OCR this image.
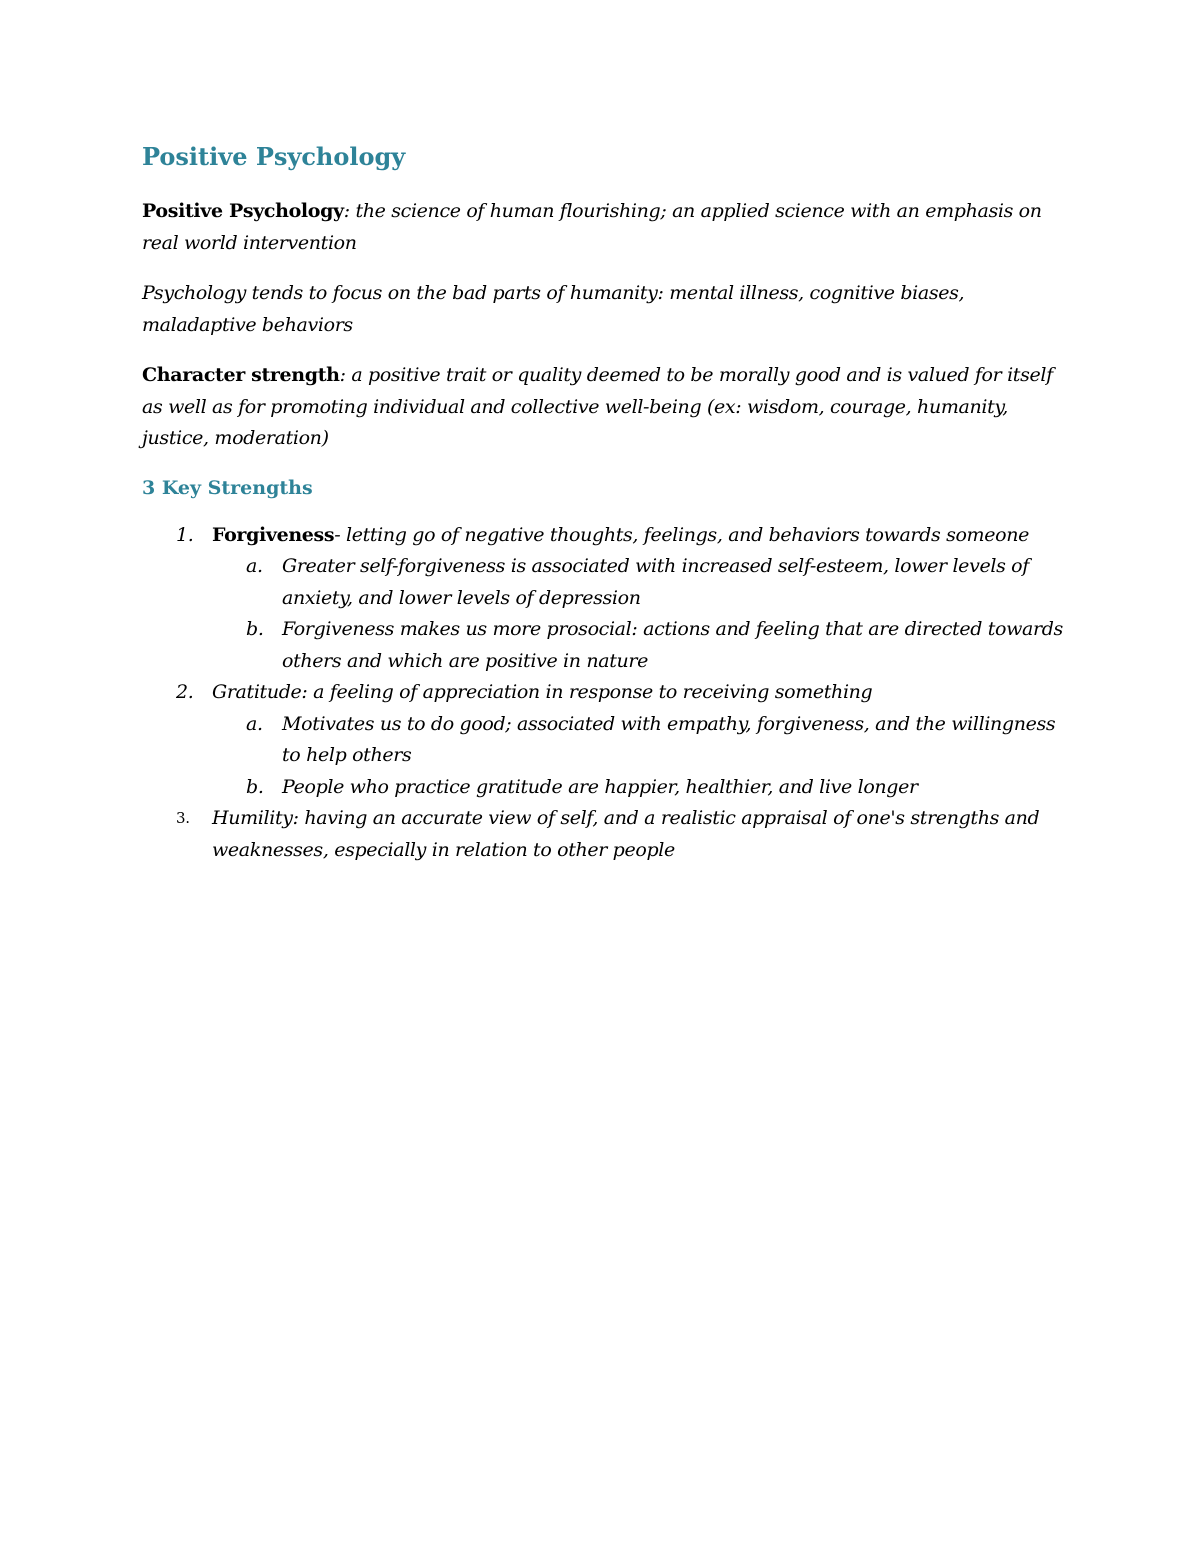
Positive Psychology

Positive Psychology: the science of human flourishing; an applied science with an emphasis on real world intervention

Psychology tends to focus on the bad parts of humanity: mental illness, cognitive biases, maladaptive behaviors

Character strength: a positive trait or quality deemed to be morally good and is valued for itself as well as for promoting individual and collective well-being (ex: wisdom, courage, humanity, justice, moderation)

3 Key Strengths
1. Forgiveness- letting go of negative thoughts, feelings, and behaviors towards someone
a. Greater self-forgiveness is associated with increased self-esteem, lower levels of anxiety, and lower levels of depression
b. Forgiveness makes us more prosocial: actions and feeling that are directed towards others and which are positive in nature
2. Gratitude: a feeling of appreciation in response to receiving something
a. Motivates us to do good; associated with empathy, forgiveness, and the willingness to help others
b. People who practice gratitude are happier, healthier, and live longer
3. Humility: having an accurate view of self, and a realistic appraisal of one's strengths and weaknesses, especially in relation to other people
